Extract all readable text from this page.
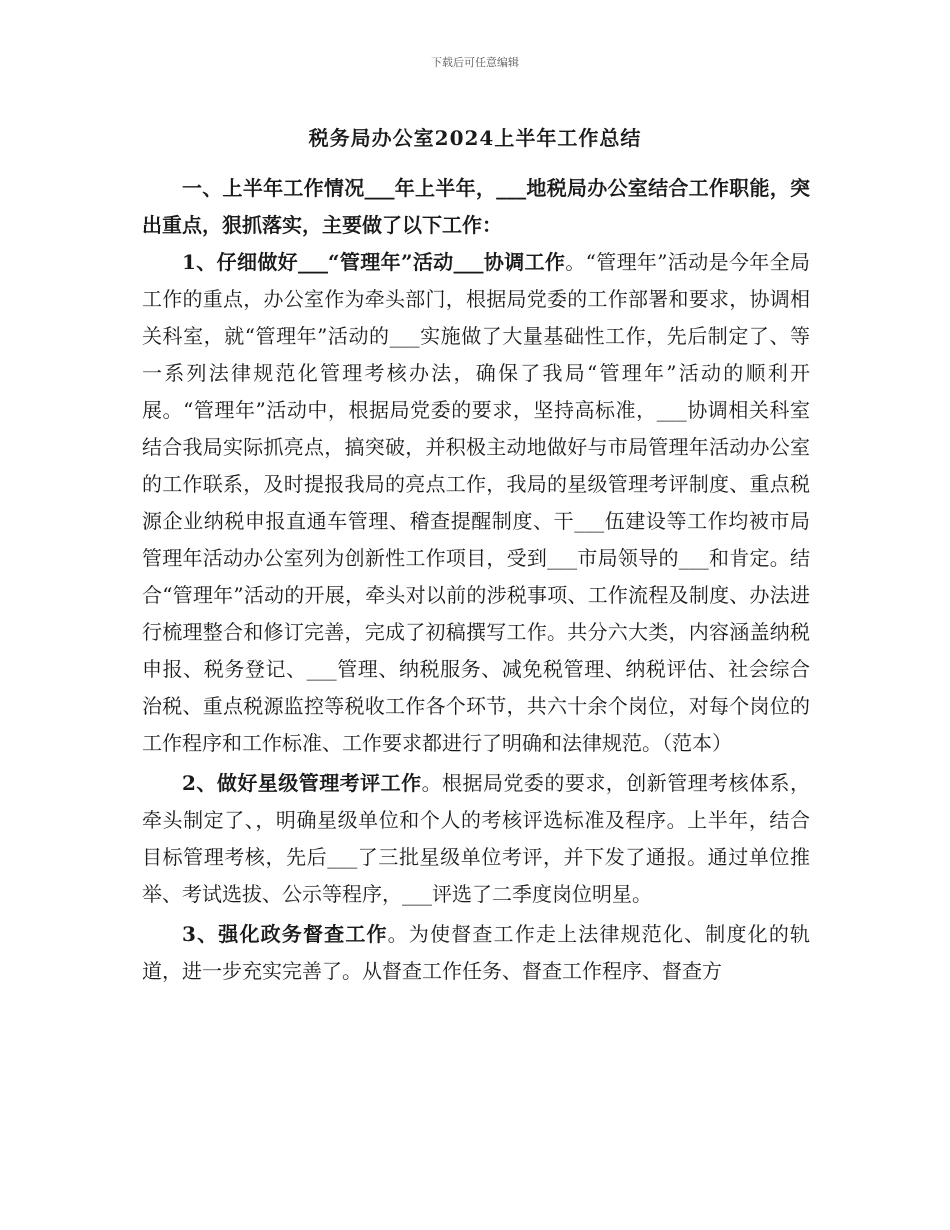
下载后可任意编辑
税务局办公室2024上半年工作总结

一、上半年工作情况___年上半年，___地税局办公室结合工作职能，突出重点，狠抓落实，主要做了以下工作：

1、仔细做好___“管理年”活动___协调工作。“管理年”活动是今年全局工作的重点，办公室作为牵头部门，根据局党委的工作部署和要求，协调相关科室，就“管理年”活动的___实施做了大量基础性工作，先后制定了、等一系列法律规范化管理考核办法，确保了我局“管理年”活动的顺利开展。“管理年”活动中，根据局党委的要求，坚持高标准，___协调相关科室结合我局实际抓亮点，搞突破，并积极主动地做好与市局管理年活动办公室的工作联系，及时提报我局的亮点工作，我局的星级管理考评制度、重点税源企业纳税申报直通车管理、稽查提醒制度、干___伍建设等工作均被市局管理年活动办公室列为创新性工作项目，受到___市局领导的___和肯定。结合“管理年”活动的开展，牵头对以前的涉税事项、工作流程及制度、办法进行梳理整合和修订完善，完成了初稿撰写工作。共分六大类，内容涵盖纳税申报、税务登记、___管理、纳税服务、减免税管理、纳税评估、社会综合治税、重点税源监控等税收工作各个环节，共六十余个岗位，对每个岗位的工作程序和工作标准、工作要求都进行了明确和法律规范。（范本）

2、做好星级管理考评工作。根据局党委的要求，创新管理考核体系，牵头制定了、，明确星级单位和个人的考核评选标准及程序。上半年，结合目标管理考核，先后___了三批星级单位考评，并下发了通报。通过单位推举、考试选拔、公示等程序，___评选了二季度岗位明星。

3、强化政务督查工作。为使督查工作走上法律规范化、制度化的轨道，进一步充实完善了。从督查工作任务、督查工作程序、督查方
